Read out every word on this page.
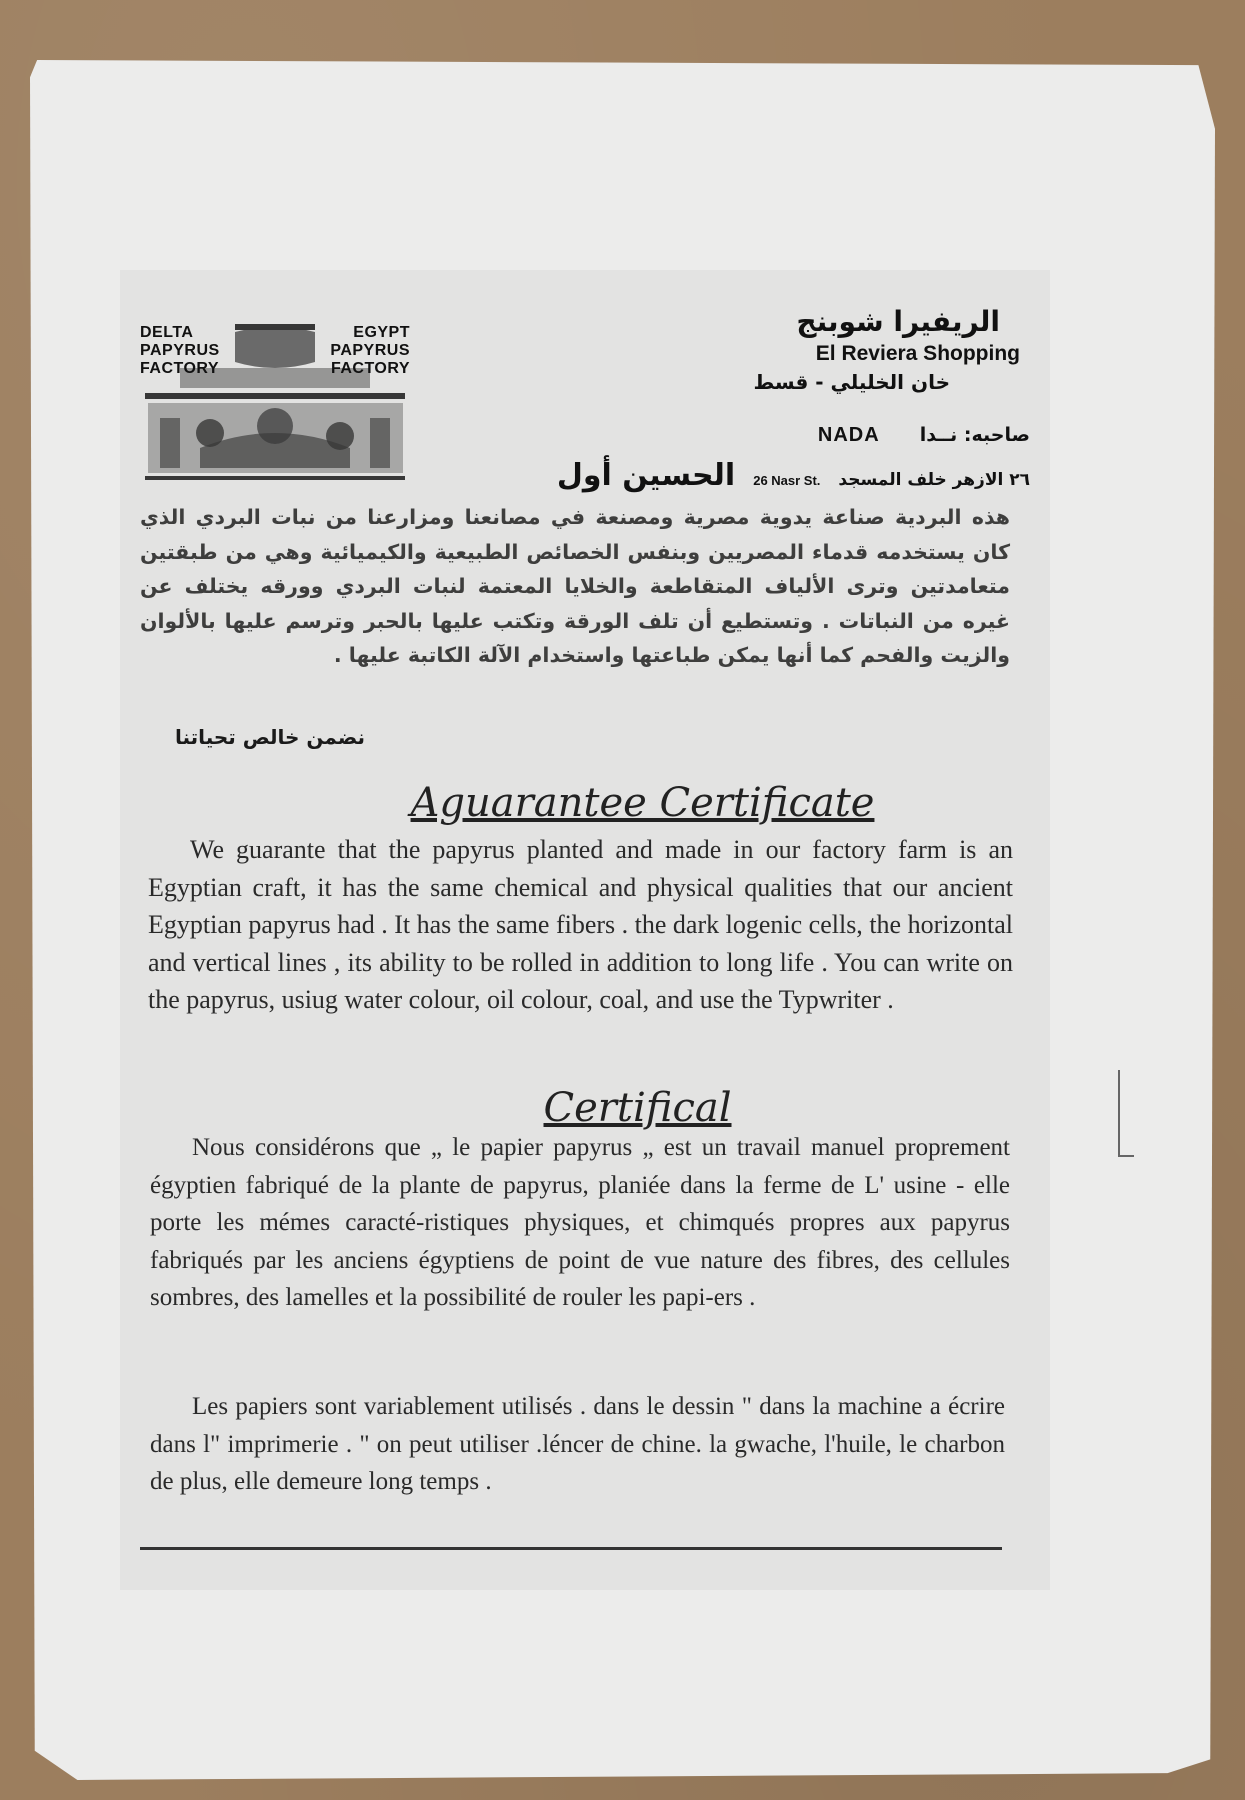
DELTA
PAPYRUS
FACTORY
EGYPT
PAPYRUS
FACTORY
الريفيرا شوبنج
El Reviera Shopping
خان الخليلي - قسط
NADA صاحبه: نــدا
الحسين أول 26 Nasr St. ٢٦ الازهر خلف المسجد
هذه البردية صناعة يدوية مصرية ومصنعة في مصانعنا ومزارعنا من نبات البردي الذي كان يستخدمه قدماء المصريين وبنفس الخصائص الطبيعية والكيميائية وهي من طبقتين متعامدتين وترى الألياف المتقاطعة والخلايا المعتمة لنبات البردي وورقه يختلف عن غيره من النباتات . وتستطيع أن تلف الورقة وتكتب عليها بالحبر وترسم عليها بالألوان والزيت والفحم كما أنها يمكن طباعتها واستخدام الآلة الكاتبة عليها .
نضمن خالص تحياتنا
Aguarantee Certificate
We guarante that the papyrus planted and made in our factory farm is an Egyptian craft, it has the same chemical and physical qualities that our ancient Egyptian papyrus had . It has the same fibers . the dark logenic cells, the horizontal and vertical lines , its ability to be rolled in addition to long life . You can write on the papyrus, usiug water colour, oil colour, coal, and use the Typwriter .
Certifical
Nous considérons que „ le papier papyrus „ est un travail manuel proprement égyptien fabriqué de la plante de papyrus, planiée dans la ferme de L' usine - elle porte les mémes caracté-ristiques physiques, et chimqués propres aux papyrus fabriqués par les anciens égyptiens de point de vue nature des fibres, des cellules sombres, des lamelles et la possibilité de rouler les papi-ers .
Les papiers sont variablement utilisés . dans le dessin " dans la machine a écrire dans l" imprimerie . " on peut utiliser .léncer de chine. la gwache, l'huile, le charbon de plus, elle demeure long temps .
